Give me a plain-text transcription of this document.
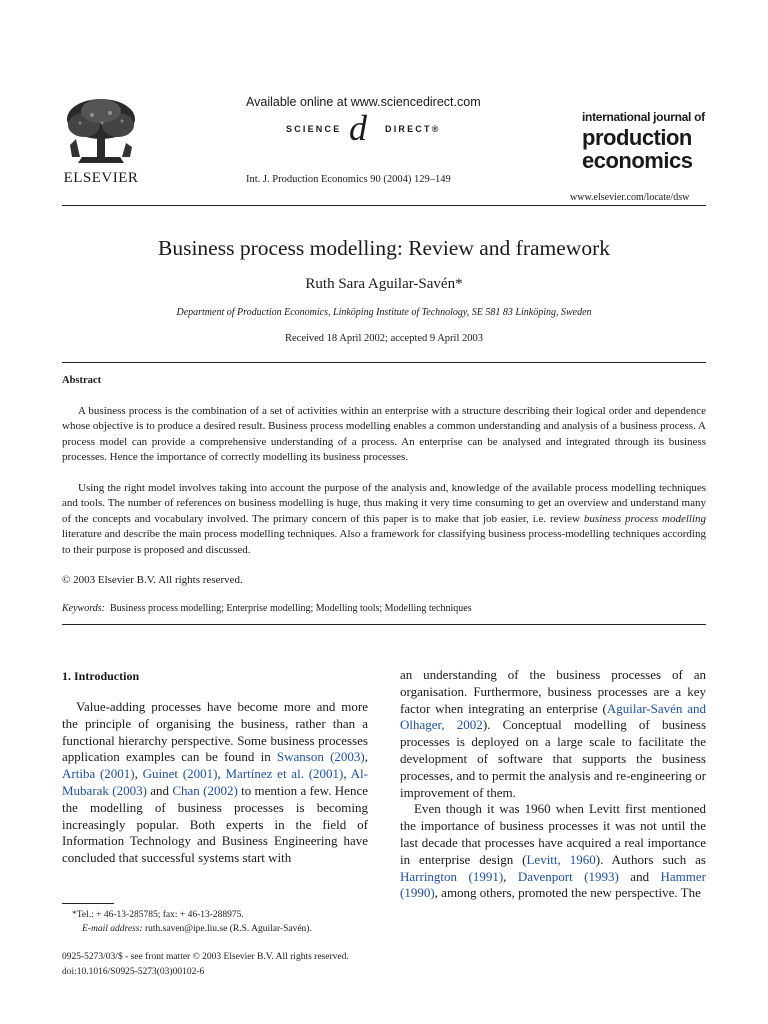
ELSEVIER
Available online at www.sciencedirect.com
SCIENCE d DIRECT®
Int. J. Production Economics 90 (2004) 129–149
international journal of
production
economics
www.elsevier.com/locate/dsw
Business process modelling: Review and framework
Ruth Sara Aguilar-Savén*
Department of Production Economics, Linköping Institute of Technology, SE 581 83 Linköping, Sweden
Received 18 April 2002; accepted 9 April 2003
Abstract

A business process is the combination of a set of activities within an enterprise with a structure describing their logical order and dependence whose objective is to produce a desired result. Business process modelling enables a common understanding and analysis of a business process. A process model can provide a comprehensive understanding of a process. An enterprise can be analysed and integrated through its business processes. Hence the importance of correctly modelling its business processes.

Using the right model involves taking into account the purpose of the analysis and, knowledge of the available process modelling techniques and tools. The number of references on business modelling is huge, thus making it very time consuming to get an overview and understand many of the concepts and vocabulary involved. The primary concern of this paper is to make that job easier, i.e. review business process modelling literature and describe the main process modelling techniques. Also a framework for classifying business process-modelling techniques according to their purpose is proposed and discussed.

© 2003 Elsevier B.V. All rights reserved.
Keywords: Business process modelling; Enterprise modelling; Modelling tools; Modelling techniques
1. Introduction

Value-adding processes have become more and more the principle of organising the business, rather than a functional hierarchy perspective. Some business processes application examples can be found in Swanson (2003), Artiba (2001), Guinet (2001), Martínez et al. (2001), Al-Mubarak (2003) and Chan (2002) to mention a few. Hence the modelling of business processes is becoming increasingly popular. Both experts in the field of Information Technology and Business Engineering have concluded that successful systems start with

an understanding of the business processes of an organisation. Furthermore, business processes are a key factor when integrating an enterprise (Aguilar-Savén and Olhager, 2002). Conceptual modelling of business processes is deployed on a large scale to facilitate the development of software that supports the business processes, and to permit the analysis and re-engineering or improvement of them.

Even though it was 1960 when Levitt first mentioned the importance of business processes it was not until the last decade that processes have acquired a real importance in enterprise design (Levitt, 1960). Authors such as Harrington (1991), Davenport (1993) and Hammer (1990), among others, promoted the new perspective. The

*Tel.: + 46-13-285785; fax: + 46-13-288975.
E-mail address: ruth.saven@ipe.liu.se (R.S. Aguilar-Savén).
0925-5273/03/$ - see front matter © 2003 Elsevier B.V. All rights reserved.
doi:10.1016/S0925-5273(03)00102-6
